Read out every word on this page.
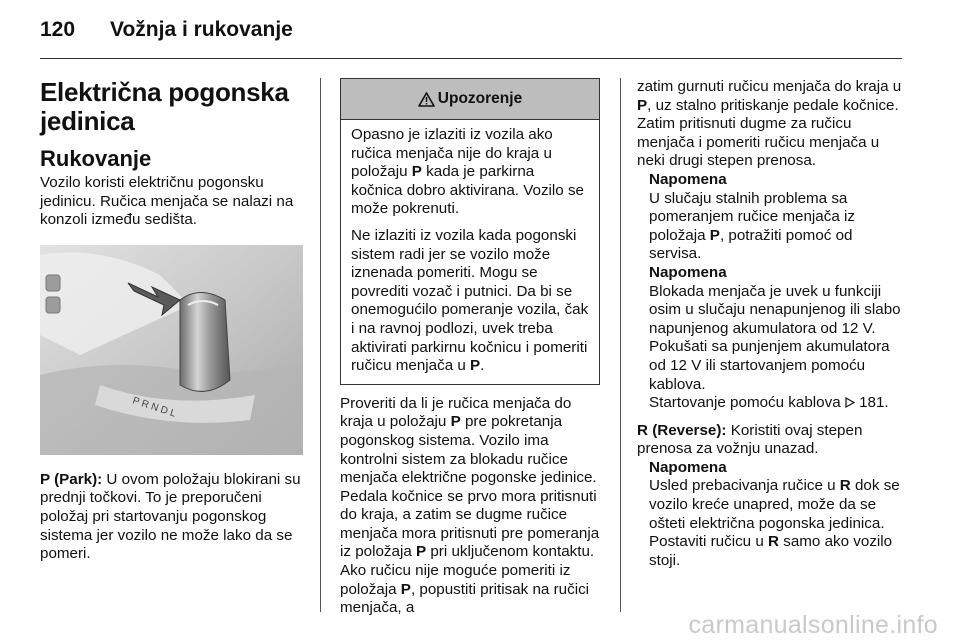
120 Vožnja i rukovanje
Električna pogonska jedinica
Rukovanje

Vozilo koristi električnu pogonsku jedinicu. Ručica menjača se nalazi na konzoli između sedišta.

P R N D L

P (Park): U ovom položaju blokirani su prednji točkovi. To je preporučeni položaj pri startovanju pogonskog sistema jer vozilo ne može lako da se pomeri.

Upozorenje

Opasno je izlaziti iz vozila ako ručica menjača nije do kraja u položaju P kada je parkirna kočnica dobro aktivirana. Vozilo se može pokrenuti.

Ne izlaziti iz vozila kada pogonski sistem radi jer se vozilo može iznenada pomeriti. Mogu se povrediti vozač i putnici. Da bi se onemogućilo pomeranje vozila, čak i na ravnoj podlozi, uvek treba aktivirati parkirnu kočnicu i pomeriti ručicu menjača u P.

Proveriti da li je ručica menjača do kraja u položaju P pre pokretanja pogonskog sistema. Vozilo ima kontrolni sistem za blokadu ručice menjača električne pogonske jedinice. Pedala kočnice se prvo mora pritisnuti do kraja, a zatim se dugme ručice menjača mora pritisnuti pre pomeranja iz položaja P pri uključenom kontaktu. Ako ručicu nije moguće pomeriti iz položaja P, popustiti pritisak na ručici menjača, a

zatim gurnuti ručicu menjača do kraja u P, uz stalno pritiskanje pedale kočnice. Zatim pritisnuti dugme za ručicu menjača i pomeriti ručicu menjača u neki drugi stepen prenosa.

Napomena

U slučaju stalnih problema sa pomeranjem ručice menjača iz položaja P, potražiti pomoć od servisa.

Napomena

Blokada menjača je uvek u funkciji osim u slučaju nenapunjenog ili slabo napunjenog akumulatora od 12 V.

Pokušati sa punjenjem akumulatora od 12 V ili startovanjem pomoću kablova.

Startovanje pomoću kablova  181.

R (Reverse): Koristiti ovaj stepen prenosa za vožnju unazad.

Napomena

Usled prebacivanja ručice u R dok se vozilo kreće unapred, može da se ošteti električna pogonska jedinica. Postaviti ručicu u R samo ako vozilo stoji.

carmanualsonline.info
